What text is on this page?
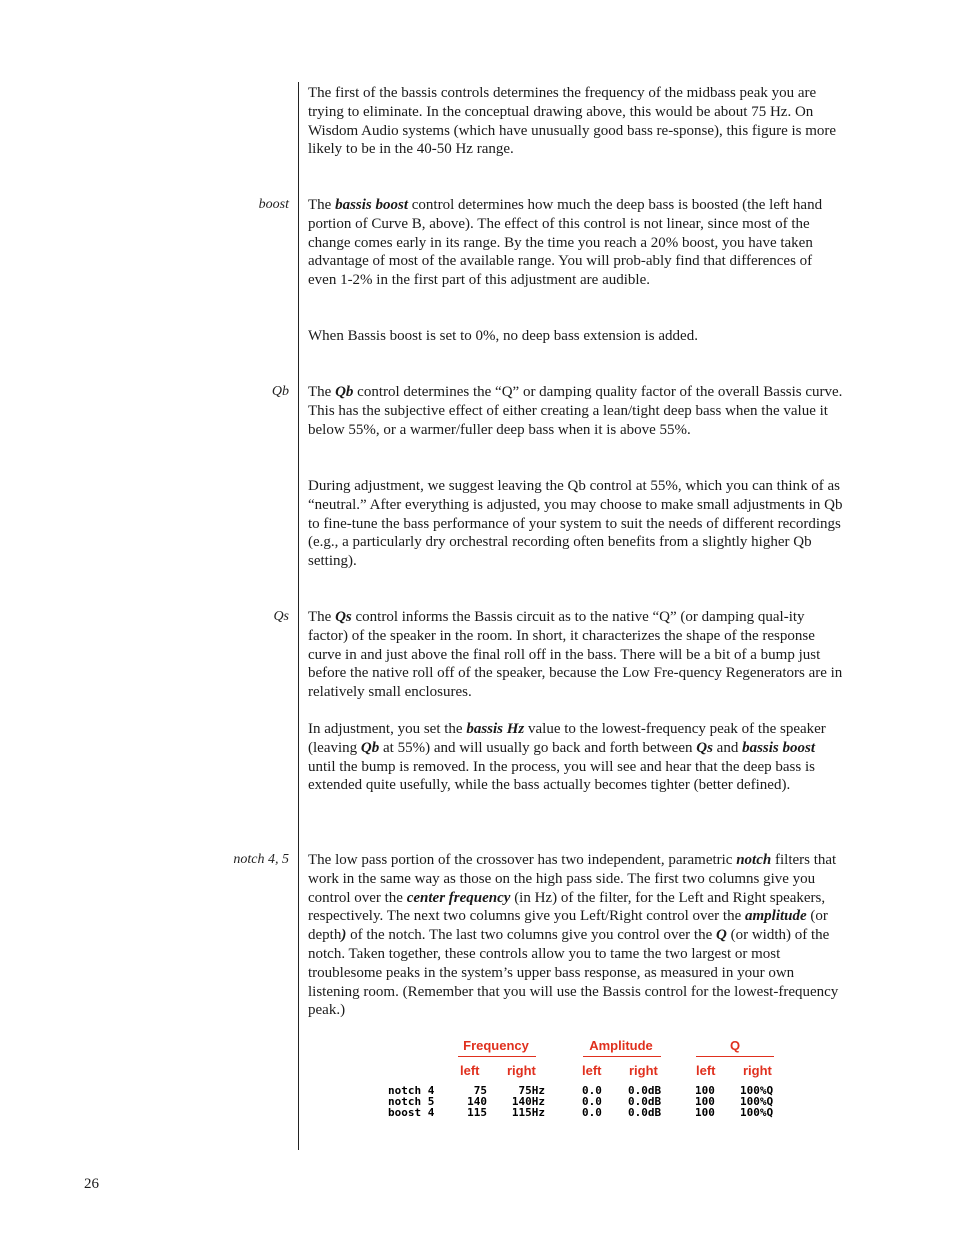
The first of the bassis controls determines the frequency of the midbass peak you are trying to eliminate. In the conceptual drawing above, this would be about 75 Hz. On Wisdom Audio systems (which have unusually good bass re-sponse), this figure is more likely to be in the 40-50 Hz range.

boost The bassis boost control determines how much the deep bass is boosted (the left hand portion of Curve B, above). The effect of this control is not linear, since most of the change comes early in its range. By the time you reach a 20% boost, you have taken advantage of most of the available range. You will prob-ably find that differences of even 1-2% in the first part of this adjustment are audible.

When Bassis boost is set to 0%, no deep bass extension is added.

Qb The Qb control determines the “Q” or damping quality factor of the overall Bassis curve. This has the subjective effect of either creating a lean/tight deep bass when the value it below 55%, or a warmer/fuller deep bass when it is above 55%.

During adjustment, we suggest leaving the Qb control at 55%, which you can think of as “neutral.” After everything is adjusted, you may choose to make small adjustments in Qb to fine-tune the bass performance of your system to suit the needs of different recordings (e.g., a particularly dry orchestral recording often benefits from a slightly higher Qb setting).

Qs The Qs control informs the Bassis circuit as to the native “Q” (or damping qual-ity factor) of the speaker in the room. In short, it characterizes the shape of the response curve in and just above the final roll off in the bass. There will be a bit of a bump just before the native roll off of the speaker, because the Low Fre-quency Regenerators are in relatively small enclosures.

In adjustment, you set the bassis Hz value to the lowest-frequency peak of the speaker (leaving Qb at 55%) and will usually go back and forth between Qs and bassis boost until the bump is removed. In the process, you will see and hear that the deep bass is extended quite usefully, while the bass actually becomes tighter (better defined).

notch 4, 5 The low pass portion of the crossover has two independent, parametric notch filters that work in the same way as those on the high pass side. The first two columns give you control over the center frequency (in Hz) of the filter, for the Left and Right speakers, respectively. The next two columns give you Left/Right control over the amplitude (or depth) of the notch. The last two columns give you control over the Q (or width) of the notch. Taken together, these controls allow you to tame the two largest or most troublesome peaks in the system’s upper bass response, as measured in your own listening room. (Remember that you will use the Bassis control for the lowest-frequency peak.)

Frequency	Amplitude	Q
left right	left right	left right
notch 4	75	75Hz	0.0 0.0dB	100 100%Q
notch 5	140	140Hz	0.0 0.0dB	100 100%Q
boost 4	115	115Hz	0.0 0.0dB	100 100%Q
26
